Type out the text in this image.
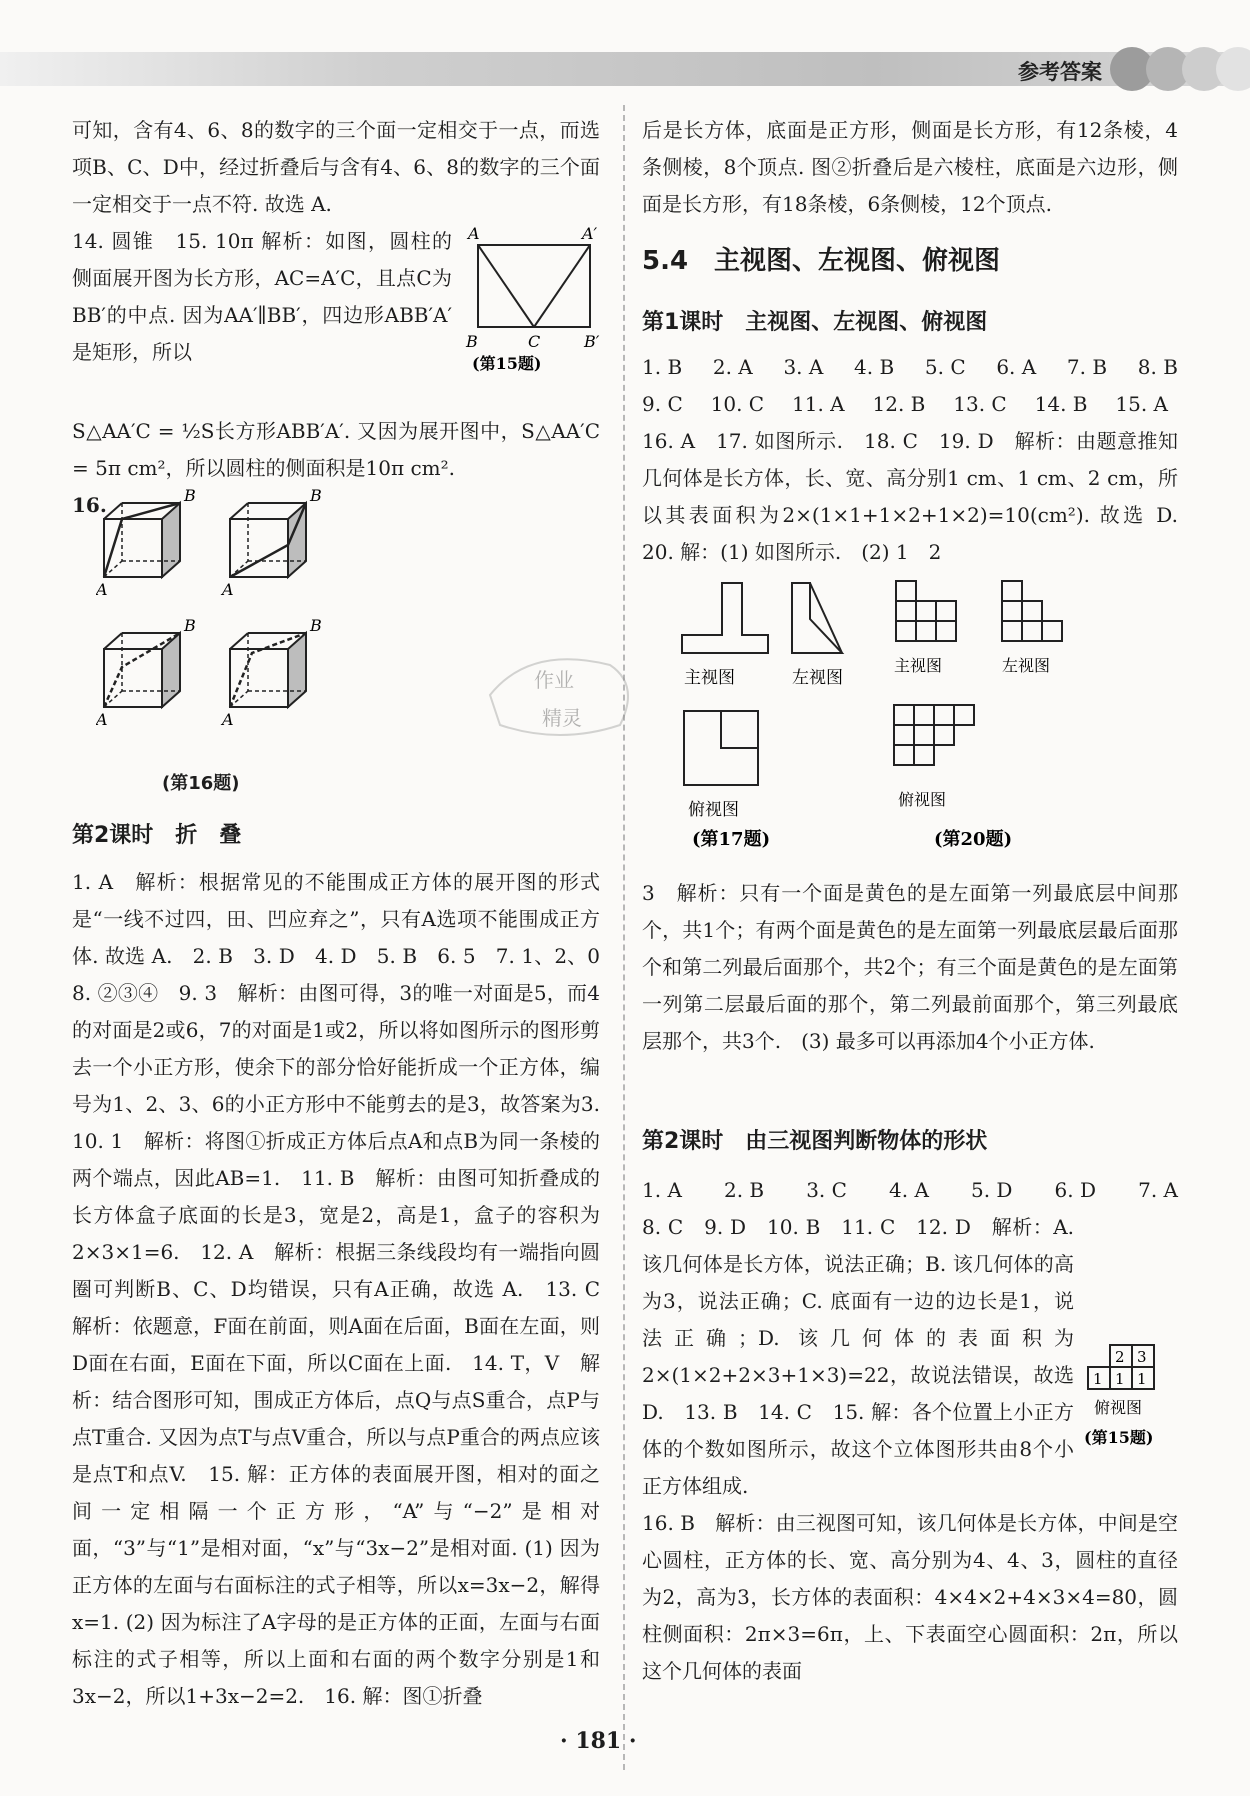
参考答案

可知，含有4、6、8的数字的三个面一定相交于一点，而选项B、C、D中，经过折叠后与含有4、6、8的数字的三个面一定相交于一点不符. 故选 A.

A	A′
B	C	B′
(第15题)

14. 圆锥　 15. 10π 解析：如图，圆柱的侧面展开图为长方形，AC=A′C，且点C为BB′的中点. 因为AA′∥BB′，四边形ABB′A′是矩形，所以

S△AA′C = ½S长方形ABB′A′. 又因为展开图中，S△AA′C = 5π cm²，所以圆柱的侧面积是10π cm².

16.
A
B
A
B
A
B
A
B

(第16题)

第2课时　折　叠

1. A　解析：根据常见的不能围成正方体的展开图的形式是“一线不过四，田、凹应弃之”，只有A选项不能围成正方体. 故选 A.　2. B　3. D　4. D　5. B　6. 5　7. 1、2、0　8. ②③④　9. 3　解析：由图可得，3的唯一对面是5，而4的对面是2或6，7的对面是1或2，所以将如图所示的图形剪去一个小正方形，使余下的部分恰好能折成一个正方体，编号为1、2、3、6的小正方形中不能剪去的是3，故答案为3.　10. 1　解析：将图①折成正方体后点A和点B为同一条棱的两个端点，因此AB=1.　11. B　解析：由图可知折叠成的长方体盒子底面的长是3，宽是2，高是1，盒子的容积为2×3×1=6.　12. A　解析：根据三条线段均有一端指向圆圈可判断B、C、D均错误，只有A正确，故选 A.　13. C　解析：依题意，F面在前面，则A面在后面，B面在左面，则D面在右面，E面在下面，所以C面在上面.　14. T，V　解析：结合图形可知，围成正方体后，点Q与点S重合，点P与点T重合. 又因为点T与点V重合，所以与点P重合的两点应该是点T和点V.　15. 解：正方体的表面展开图，相对的面之间一定相隔一个正方形，“A”与“−2”是相对面，“3”与“1”是相对面，“x”与“3x−2”是相对面. (1) 因为正方体的左面与右面标注的式子相等，所以x=3x−2，解得x=1. (2) 因为标注了A字母的是正方体的正面，左面与右面标注的式子相等，所以上面和右面的两个数字分别是1和3x−2，所以1+3x−2=2.　16. 解：图①折叠

作业
精灵

后是长方体，底面是正方形，侧面是长方形，有12条棱，4条侧棱，8个顶点. 图②折叠后是六棱柱，底面是六边形，侧面是长方形，有18条棱，6条侧棱，12个顶点.

5.4　主视图、左视图、俯视图

第1课时　主视图、左视图、俯视图

1. B 2. A 3. A 4. B 5. C 6. A 7. B 8. B
9. C 10. C 11. A 12. B 13. C 14. B 15. A

16. A　17. 如图所示.　18. C　19. D　解析：由题意推知几何体是长方体，长、宽、高分别1 cm、1 cm、2 cm，所以其表面积为2×(1×1+1×2+1×2)=10(cm²). 故选 D.　20. 解：(1) 如图所示.　(2) 1　2

主视图	左视图
俯视图
(第17题)
主视图	左视图
俯视图
(第20题)

3　解析：只有一个面是黄色的是左面第一列最底层中间那个，共1个；有两个面是黄色的是左面第一列最底层最后面那个和第二列最后面那个，共2个；有三个面是黄色的是左面第一列第二层最后面的那个，第二列最前面那个，第三列最底层那个，共3个.　(3) 最多可以再添加4个小正方体.

第2课时　由三视图判断物体的形状

1. A 2. B 3. C 4. A 5. D 6. D 7. A
2 3
1 1 1
俯视图
(第15题)

8. C　9. D　10. B　11. C　12. D　解析：A. 该几何体是长方体，说法正确；B. 该几何体的高为3，说法正确；C. 底面有一边的边长是1，说法正确；D. 该几何体的表面积为2×(1×2+2×3+1×3)=22，故说法错误，故选 D.　13. B　14. C　15. 解：各个位置上小正方体的个数如图所示，故这个立体图形共由8个小正方体组成.

16. B　解析：由三视图可知，该几何体是长方体，中间是空心圆柱，正方体的长、宽、高分别为4、4、3，圆柱的直径为2，高为3，长方体的表面积：4×4×2+4×3×4=80，圆柱侧面积：2π×3=6π，上、下表面空心圆面积：2π，所以这个几何体的表面

· 181 ·
